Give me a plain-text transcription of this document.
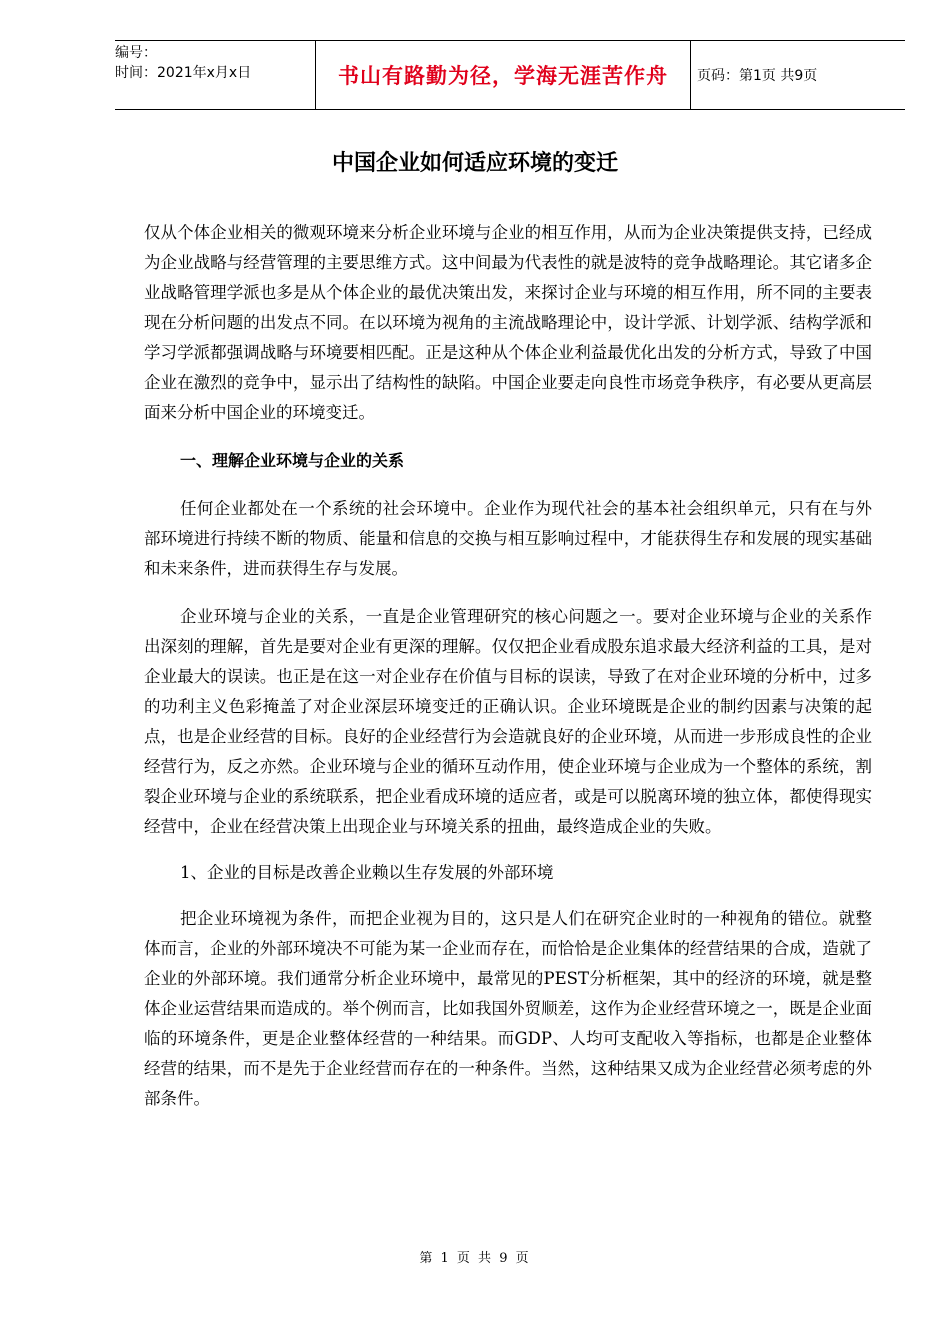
编号：
时间：2021年x月x日	书山有路勤为径，学海无涯苦作舟	页码：第1页 共9页
中国企业如何适应环境的变迁

仅从个体企业相关的微观环境来分析企业环境与企业的相互作用，从而为企业决策提供支持，已经成为企业战略与经营管理的主要思维方式。这中间最为代表性的就是波特的竞争战略理论。其它诸多企业战略管理学派也多是从个体企业的最优决策出发，来探讨企业与环境的相互作用，所不同的主要表现在分析问题的出发点不同。在以环境为视角的主流战略理论中，设计学派、计划学派、结构学派和学习学派都强调战略与环境要相匹配。正是这种从个体企业利益最优化出发的分析方式，导致了中国企业在激烈的竞争中，显示出了结构性的缺陷。中国企业要走向良性市场竞争秩序，有必要从更高层面来分析中国企业的环境变迁。

一、理解企业环境与企业的关系

任何企业都处在一个系统的社会环境中。企业作为现代社会的基本社会组织单元，只有在与外部环境进行持续不断的物质、能量和信息的交换与相互影响过程中，才能获得生存和发展的现实基础和未来条件，进而获得生存与发展。

企业环境与企业的关系，一直是企业管理研究的核心问题之一。要对企业环境与企业的关系作出深刻的理解，首先是要对企业有更深的理解。仅仅把企业看成股东追求最大经济利益的工具，是对企业最大的误读。也正是在这一对企业存在价值与目标的误读，导致了在对企业环境的分析中，过多的功利主义色彩掩盖了对企业深层环境变迁的正确认识。企业环境既是企业的制约因素与决策的起点，也是企业经营的目标。良好的企业经营行为会造就良好的企业环境，从而进一步形成良性的企业经营行为，反之亦然。企业环境与企业的循环互动作用，使企业环境与企业成为一个整体的系统，割裂企业环境与企业的系统联系，把企业看成环境的适应者，或是可以脱离环境的独立体，都使得现实经营中，企业在经营决策上出现企业与环境关系的扭曲，最终造成企业的失败。

1、企业的目标是改善企业赖以生存发展的外部环境

把企业环境视为条件，而把企业视为目的，这只是人们在研究企业时的一种视角的错位。就整体而言，企业的外部环境决不可能为某一企业而存在，而恰恰是企业集体的经营结果的合成，造就了企业的外部环境。我们通常分析企业环境中，最常见的PEST分析框架，其中的经济的环境，就是整体企业运营结果而造成的。举个例而言，比如我国外贸顺差，这作为企业经营环境之一，既是企业面临的环境条件，更是企业整体经营的一种结果。而GDP、人均可支配收入等指标，也都是企业整体经营的结果，而不是先于企业经营而存在的一种条件。当然，这种结果又成为企业经营必须考虑的外部条件。

第 1 页 共 9 页
